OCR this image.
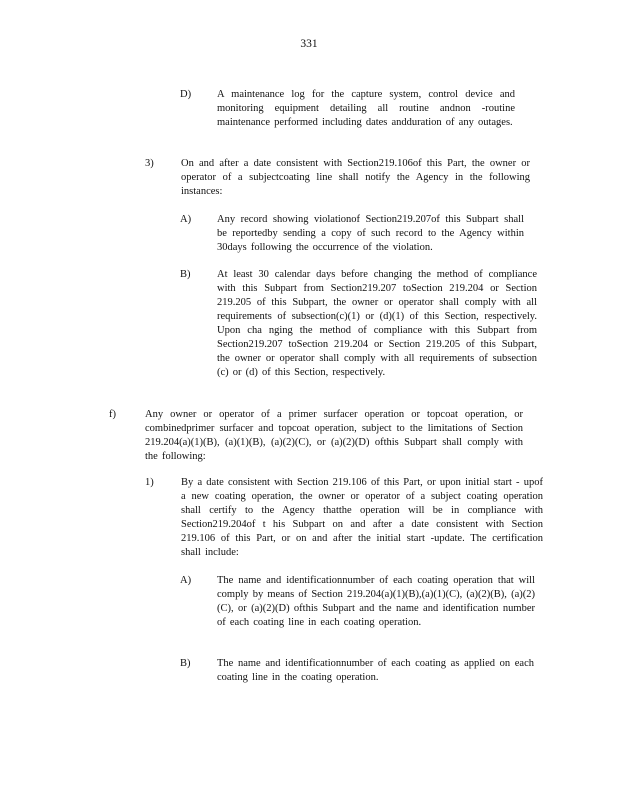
331
D) A maintenance log for the capture system, control device and monitoring equipment detailing all routine andnon -routine maintenance performed including dates andduration of any outages.
3)	On and after a date consistent with Section219.106of this Part, the owner or operator of a subjectcoating line shall notify the Agency in the following instances:
A) Any record showing violationof Section219.207of this Subpart shall be reportedby sending a copy of such record to the Agency within 30days following the occurrence of the violation.
B)	At least 30 calendar days before changing the method of compliance with this Subpart from Section219.207 toSection 219.204 or Section 219.205 of this Subpart, the owner or operator shall comply with all requirements of subsection(c)(1) or (d)(1) of this Section, respectively. Upon cha nging the method of compliance with this Subpart from Section219.207 toSection 219.204 or Section 219.205 of this Subpart, the owner or operator shall comply with all requirements of subsection (c) or (d) of this Section, respectively.
f)	Any owner or operator of a primer surfacer operation or topcoat operation, or combinedprimer surfacer and topcoat operation, subject to the limitations of Section 219.204(a)(1)(B), (a)(1)(B), (a)(2)(C), or (a)(2)(D) ofthis Subpart shall comply with the following:
1)	By a date consistent with Section 219.106 of this Part, or upon initial start - upof a new coating operation, the owner or operator of a subject coating operation shall certify to the Agency thatthe operation will be in compliance with Section219.204of t his Subpart on and after a date consistent with Section 219.106 of this Part, or on and after the initial start -update. The certification shall include:
A) The name and identificationnumber of each coating operation that will comply by means of Section 219.204(a)(1)(B),(a)(1)(C), (a)(2)(B), (a)(2)(C), or (a)(2)(D) ofthis Subpart and the name and identification number of each coating line in each coating operation.
B)	The name and identificationnumber of each coating as applied on each coating line in the coating operation.
